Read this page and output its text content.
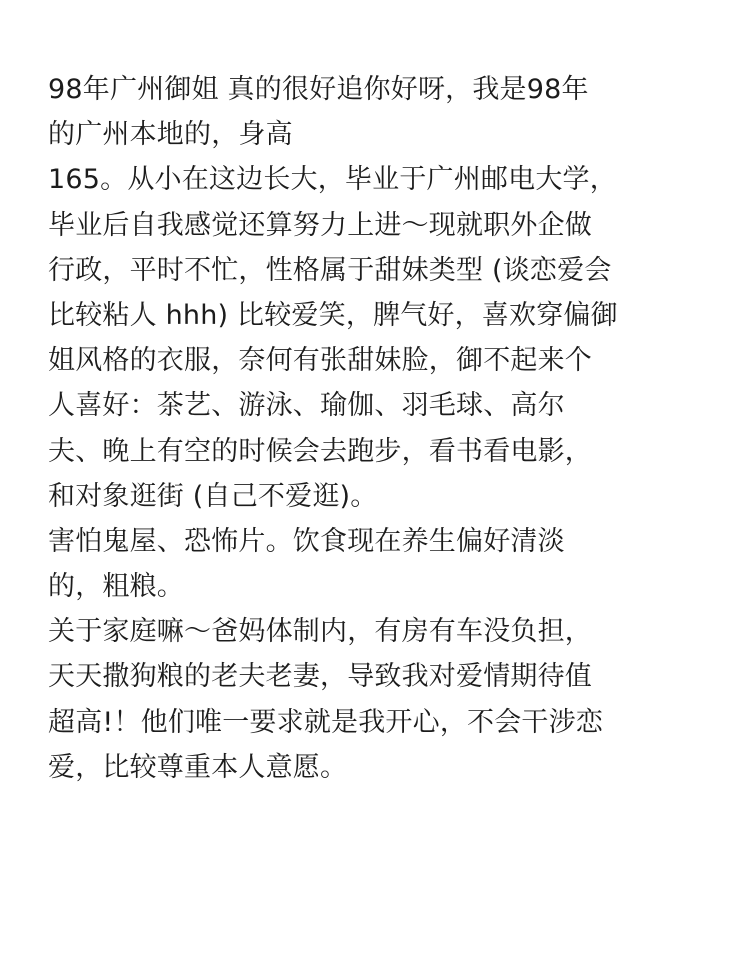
98年广州御姐 真的很好追你好呀，我是98年
的广州本地的，身高
165。从小在这边长大，毕业于广州邮电大学，
毕业后自我感觉还算努力上进～现就职外企做
行政，平时不忙，性格属于甜妹类型 (谈恋爱会
比较粘人 hhh) 比较爱笑，脾气好，喜欢穿偏御
姐风格的衣服，奈何有张甜妹脸，御不起来个
人喜好：茶艺、游泳、瑜伽、羽毛球、高尔
夫、晚上有空的时候会去跑步，看书看电影，
和对象逛街 (自己不爱逛)。
害怕鬼屋、恐怖片。饮食现在养生偏好清淡
的，粗粮。
关于家庭嘛～爸妈体制内，有房有车没负担，
天天撒狗粮的老夫老妻，导致我对爱情期待值
超高!！他们唯一要求就是我开心，不会干涉恋
爱，比较尊重本人意愿。
